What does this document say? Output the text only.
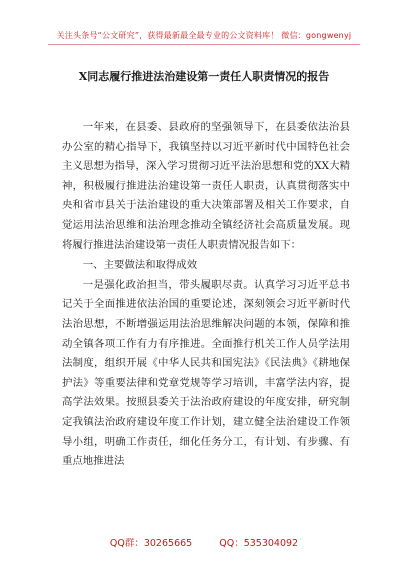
关注头条号“公文研究”，获得最新最全最专业的公文资料库！ 微信：gongwenyj
X同志履行推进法治建设第一责任人职责情况的报告

一年来，在县委、县政府的坚强领导下，在县委依法治县办公室的精心指导下，我镇坚持以习近平新时代中国特色社会主义思想为指导，深入学习贯彻习近平法治思想和党的XX大精神，积极履行推进法治建设第一责任人职责，认真贯彻落实中央和省市县关于法治建设的重大决策部署及相关工作要求，自觉运用法治思维和法治理念推动全镇经济社会高质量发展。现将履行推进法治建设第一责任人职责情况报告如下：

一、主要做法和取得成效

一是强化政治担当，带头履职尽责。认真学习习近平总书记关于全面推进依法治国的重要论述，深刻领会习近平新时代法治思想，不断增强运用法治思维解决问题的本领，保障和推动全镇各项工作有力有序推进。全面推行机关工作人员学法用法制度，组织开展《中华人民共和国宪法》《民法典》《耕地保护法》等重要法律和党章党规等学习培训，丰富学法内容，提高学法效果。按照县委关于法治政府建设的年度安排，研究制定我镇法治政府建设年度工作计划，建立健全法治建设工作领导小组，明确工作责任，细化任务分工，有计划、有步骤、有重点地推进法

QQ群：30265665	QQ：535304092
